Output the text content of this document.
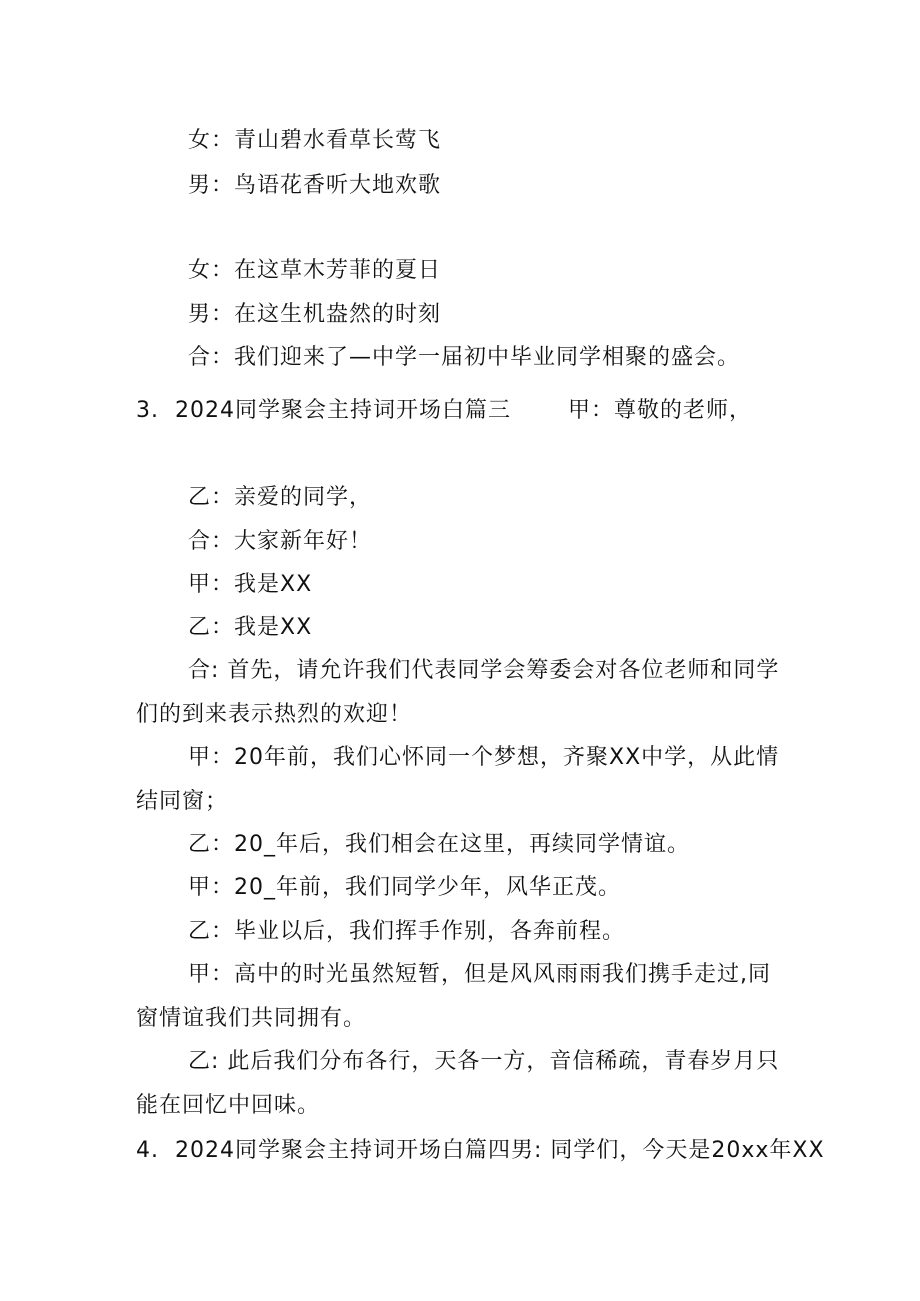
女：青山碧水看草长莺飞
男：鸟语花香听大地欢歌
女：在这草木芳菲的夏日
男：在这生机盎然的时刻
合：我们迎来了—中学一届初中毕业同学相聚的盛会。
3. 2024同学聚会主持词开场白篇三	甲：尊敬的老师，
乙：亲爱的同学，
合：大家新年好！
甲：我是XX
乙：我是XX
合: 首先，请允许我们代表同学会筹委会对各位老师和同学
们的到来表示热烈的欢迎！
甲：20年前，我们心怀同一个梦想，齐聚XX中学，从此情
结同窗；
乙：20_年后，我们相会在这里，再续同学情谊。
甲：20_年前，我们同学少年，风华正茂。
乙：毕业以后，我们挥手作别，各奔前程。
甲：高中的时光虽然短暂，但是风风雨雨我们携手走过,同
窗情谊我们共同拥有。
乙: 此后我们分布各行，天各一方，音信稀疏，青春岁月只
能在回忆中回味。
4. 2024同学聚会主持词开场白篇四男: 同学们，今天是20xx年XX
